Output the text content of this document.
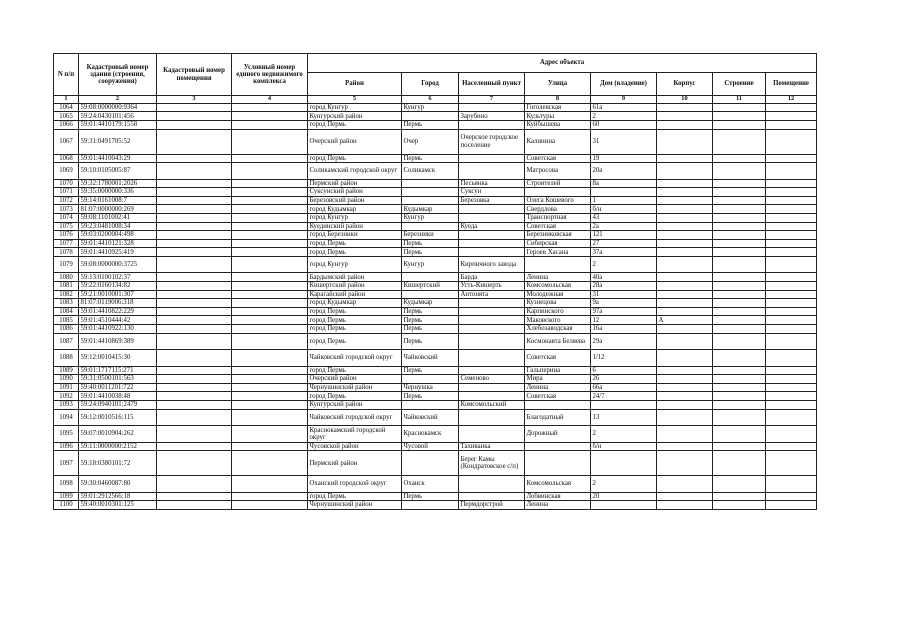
N п/п	Кадастровый номер здания (строения, сооружения)	Кадастровый номер помещения	Условный номер единого недвижимого комплекса	Адрес объекта							
				Район	Город	Населенный пункт	Улица	Дом (владение)	Корпус	Строение	Помещение
1	2	3	4	5	6	7	8	9	10	11	12
1064	59:08:0000000:9364			город Кунгур	Кунгур		Гоголевская	61а			
1065	59:24:0430101:456			Кунгурский район		Зарубино	Культуры	2			
1066	59:01:4410179:1558			город Пермь	Пермь		Куйбышева	60			
1067	59:31:0491705:52			Очерский район	Очер	Очерское городское поселение	Калинина	31			
1068	59:01:4410043:29			город Пермь	Пермь		Советская	19			
1069	59:10:0105005:87			Соликамский городской округ	Соликамск		Матросова	20а			
1070	59:32:1780001:2026			Пермский район		Песьянка	Строителей	8а			
1071	59:35:0000000:336			Суксунский район		Суксун					
1072	59:14:0161008:7			Березовский район		Березовка	Олега Кошевого	1			
1073	81:07:0000000:269			город Кудымкар	Кудымкар		Свердлова	б/н			
1074	59:08:1101002:41			город Кунгур	Кунгур		Транспортная	43			
1075	59:23:0481008:34			Куединский район		Куеда	Советская	2а			
1076	59:03:0200004:498			город Березники	Березники		Березниковская	121			
1077	59:01:4410121:328			город Пермь	Пермь		Сибирская	27			
1078	59:01:4410925:419			город Пермь	Пермь		Героев Хасана	37а			
1079	59:08:0000000:3725			город Кунгур	Кунгур	Кирпичного завода		2			
1080	59:13:0100102:37			Бардымский район		Барда	Ленина	40а			
1081	59:22:0160134:82			Кишертский район	Кишертский	Усть-Кишерть	Комсомольская	28а			
1082	59:21:0010001:307			Карагайский район		Антонята	Молодежная	31			
1083	81:07:0119006:318			город Кудымкар	Кудымкар		Кузнецова	9а			
1084	59:01:4410822:229			город Пермь	Пермь		Карпинского	97а			
1085	59:01:4510444:42			город Пермь	Пермь		Маковского	12	А		
1086	59:01:4410922:130			город Пермь	Пермь		Хлебозаводская	16а			
1087	59:01:4410869:389			город Пермь	Пермь		Космонавта Беляева	29а			
1088	59:12:0010415:30			Чайковский городской округ	Чайковский		Советская	1/12			
1089	59:01:1717115:271			город Пермь	Пермь		Гальперина	6			
1090	59:31:0500101:563			Очерский район		Семеново	Мира	26			
1091	59:40:0011201:722			Чернушинский район	Чернушка		Ленина	66а			
1092	59:01:4410038:48			город Пермь	Пермь		Советская	24/7			
1093	59:24:0940101:2479			Кунгурский район		Комсомольский					
1094	59:12:0010516:115			Чайковский городской округ	Чайковский		Благодатный	13			
1095	59:07:0010904:262			Краснокамский городской округ	Краснокамск		Дорожный	2			
1096	59:11:0000000:2152			Чусовской район	Чусовой	Тахиванка		б/н			
1097	59:18:0380101:72			Пермский район		Берег Камы (Кондратовское с/п)					
1098	59:30:0460087:80			Оханский городской округ	Оханск		Комсомольская	2			
1099	59:01:2912566:18			город Пермь	Пермь		Лобвинская	20			
1100	59:40:0010301:125			Чернушинский район		Пермдорстрой	Ленина				
